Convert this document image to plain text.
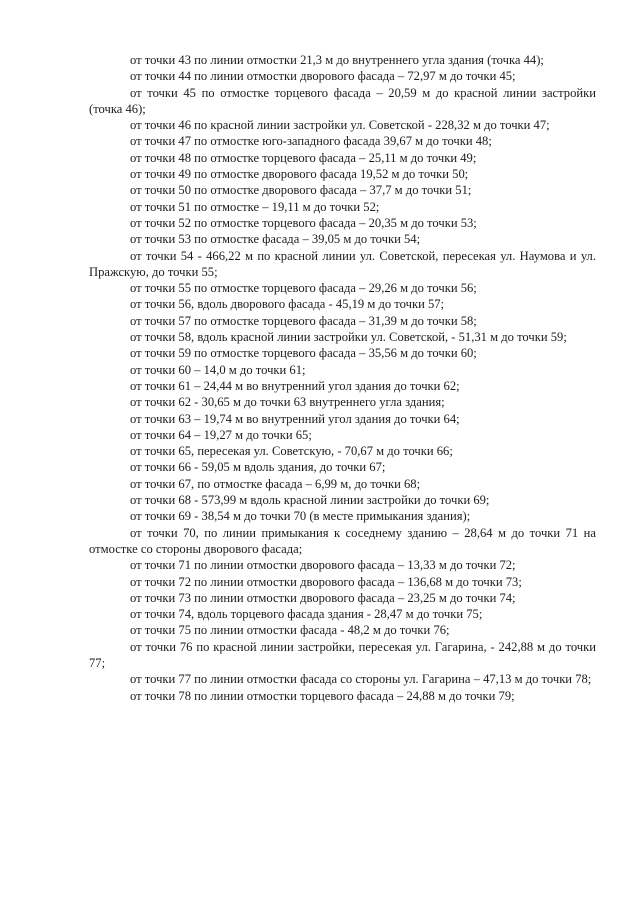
от точки 43 по линии отмостки 21,3 м до внутреннего угла здания (точка 44);

от точки 44 по линии отмостки дворового фасада – 72,97 м до точки 45;

от точки 45 по отмостке торцевого фасада – 20,59 м до красной линии застройки (точка 46);

от точки 46 по красной линии застройки ул. Советской - 228,32 м до точки 47;

от точки 47 по отмостке юго-западного фасада 39,67 м до точки 48;

от точки 48 по отмостке торцевого фасада – 25,11 м до точки 49;

от точки 49 по отмостке дворового фасада 19,52 м до точки 50;

от точки 50 по отмостке дворового фасада – 37,7 м до точки 51;

от точки 51 по отмостке – 19,11 м до точки 52;

от точки 52 по отмостке торцевого фасада – 20,35 м до точки 53;

от точки 53 по отмостке фасада – 39,05 м до точки 54;

от точки 54 - 466,22 м по красной линии ул. Советской, пересекая ул. Наумова и ул. Пражскую, до точки 55;

от точки 55 по отмостке торцевого фасада – 29,26 м до точки 56;

от точки 56, вдоль дворового фасада - 45,19 м до точки 57;

от точки 57 по отмостке торцевого фасада – 31,39 м до точки 58;

от точки 58, вдоль красной линии застройки ул. Советской, - 51,31 м до точки 59;

от точки 59 по отмостке торцевого фасада – 35,56 м до точки 60;

от точки 60 – 14,0 м до точки 61;

от точки 61 – 24,44 м во внутренний угол здания до точки 62;

от точки 62 - 30,65 м до точки 63 внутреннего угла здания;

от точки 63 – 19,74 м во внутренний угол здания до точки 64;

от точки 64 – 19,27 м до точки 65;

от точки 65, пересекая ул. Советскую, - 70,67 м до точки 66;

от точки 66 - 59,05 м вдоль здания, до точки 67;

от точки 67, по отмостке фасада – 6,99 м, до точки 68;

от точки 68 - 573,99 м вдоль красной линии застройки до точки 69;

от точки 69 - 38,54 м до точки 70 (в месте примыкания здания);

от точки 70, по линии примыкания к соседнему зданию – 28,64 м до точки 71 на отмостке со стороны дворового фасада;

от точки 71 по линии отмостки дворового фасада – 13,33 м до точки 72;

от точки 72 по линии отмостки дворового фасада – 136,68 м до точки 73;

от точки 73 по линии отмостки дворового фасада – 23,25 м до точки 74;

от точки 74, вдоль торцевого фасада здания - 28,47 м до точки 75;

от точки 75 по линии отмостки фасада - 48,2 м до точки 76;

от точки 76 по красной линии застройки, пересекая ул. Гагарина, - 242,88 м до точки 77;

от точки 77 по линии отмостки фасада со стороны ул. Гагарина – 47,13 м до точки 78;

от точки 78 по линии отмостки торцевого фасада – 24,88 м до точки 79;
